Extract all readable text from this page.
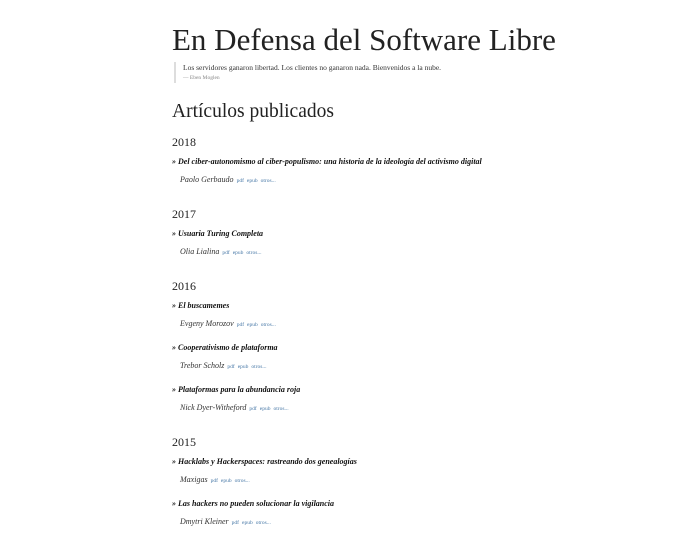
En Defensa del Software Libre
Los servidores ganaron libertad. Los clientes no ganaron nada. Bienvenidos a la nube.
— Eben Moglen
Artículos publicados
2018
» Del ciber-autonomismo al ciber-populismo: una historia de la ideología del activismo digital
Paolo Gerbaudo pdf epub otros...
2017
» Usuaria Turing Completa
Olia Lialina pdf epub otros...
2016
» El buscamemes
Evgeny Morozov pdf epub otros...
» Cooperativismo de plataforma
Trebor Scholz pdf epub otros...
» Plataformas para la abundancia roja
Nick Dyer-Witheford pdf epub otros...
2015
» Hacklabs y Hackerspaces: rastreando dos genealogías
Maxigas pdf epub otros...
» Las hackers no pueden solucionar la vigilancia
Dmytri Kleiner pdf epub otros...
